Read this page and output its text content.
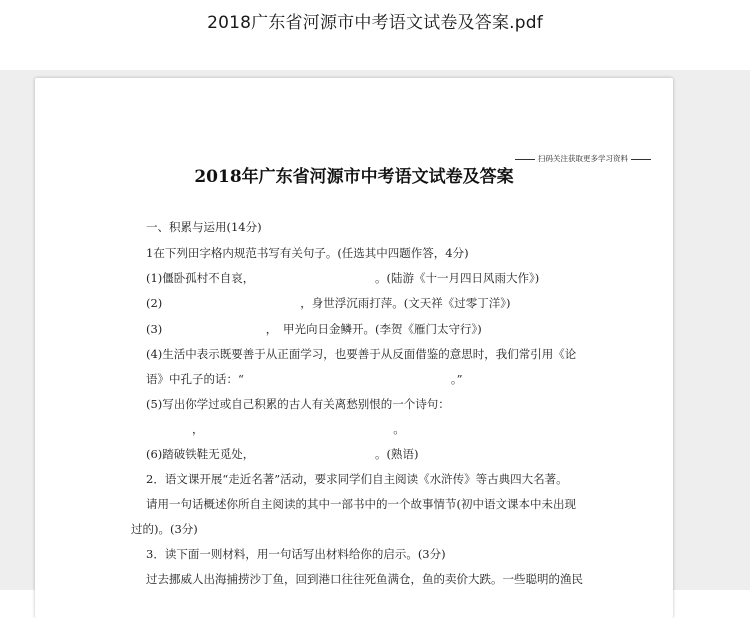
2018广东省河源市中考语文试卷及答案.pdf
扫码关注获取更多学习资料
2018年广东省河源市中考语文试卷及答案
一、积累与运用(14分)
1在下列田字格内规范书写有关句子。(任选其中四题作答，4分)
(1)僵卧孤村不自哀，　　　　　　　　　　　。(陆游《十一月四日风雨大作》)
(2)　　　　　　　　　　　　，身世浮沉雨打萍。(文天祥《过零丁洋》)
(3)　　　　　　　　　，　甲光向日金鳞开。(李贺《雁门太守行》)
(4)生活中表示既要善于从正面学习，也要善于从反面借鉴的意思时，我们常引用《论
语》中孔子的话：“　　　　　　　　　　　　　　　　　　。”
(5)写出你学过或自己积累的古人有关离愁别恨的一个诗句：
　　　　，　　　　　　　　　　　　　　　　　。
(6)踏破铁鞋无觅处，　　　　　　　　　　　。(熟语)
2．语文课开展“走近名著”活动，要求同学们自主阅读《水浒传》等古典四大名著。
请用一句话概述你所自主阅读的其中一部书中的一个故事情节(初中语文课本中未出现
过的)。(3分)
3．读下面一则材料，用一句话写出材料给你的启示。(3分)
过去挪威人出海捕捞沙丁鱼，回到港口往往死鱼满仓，鱼的卖价大跌。一些聪明的渔民
